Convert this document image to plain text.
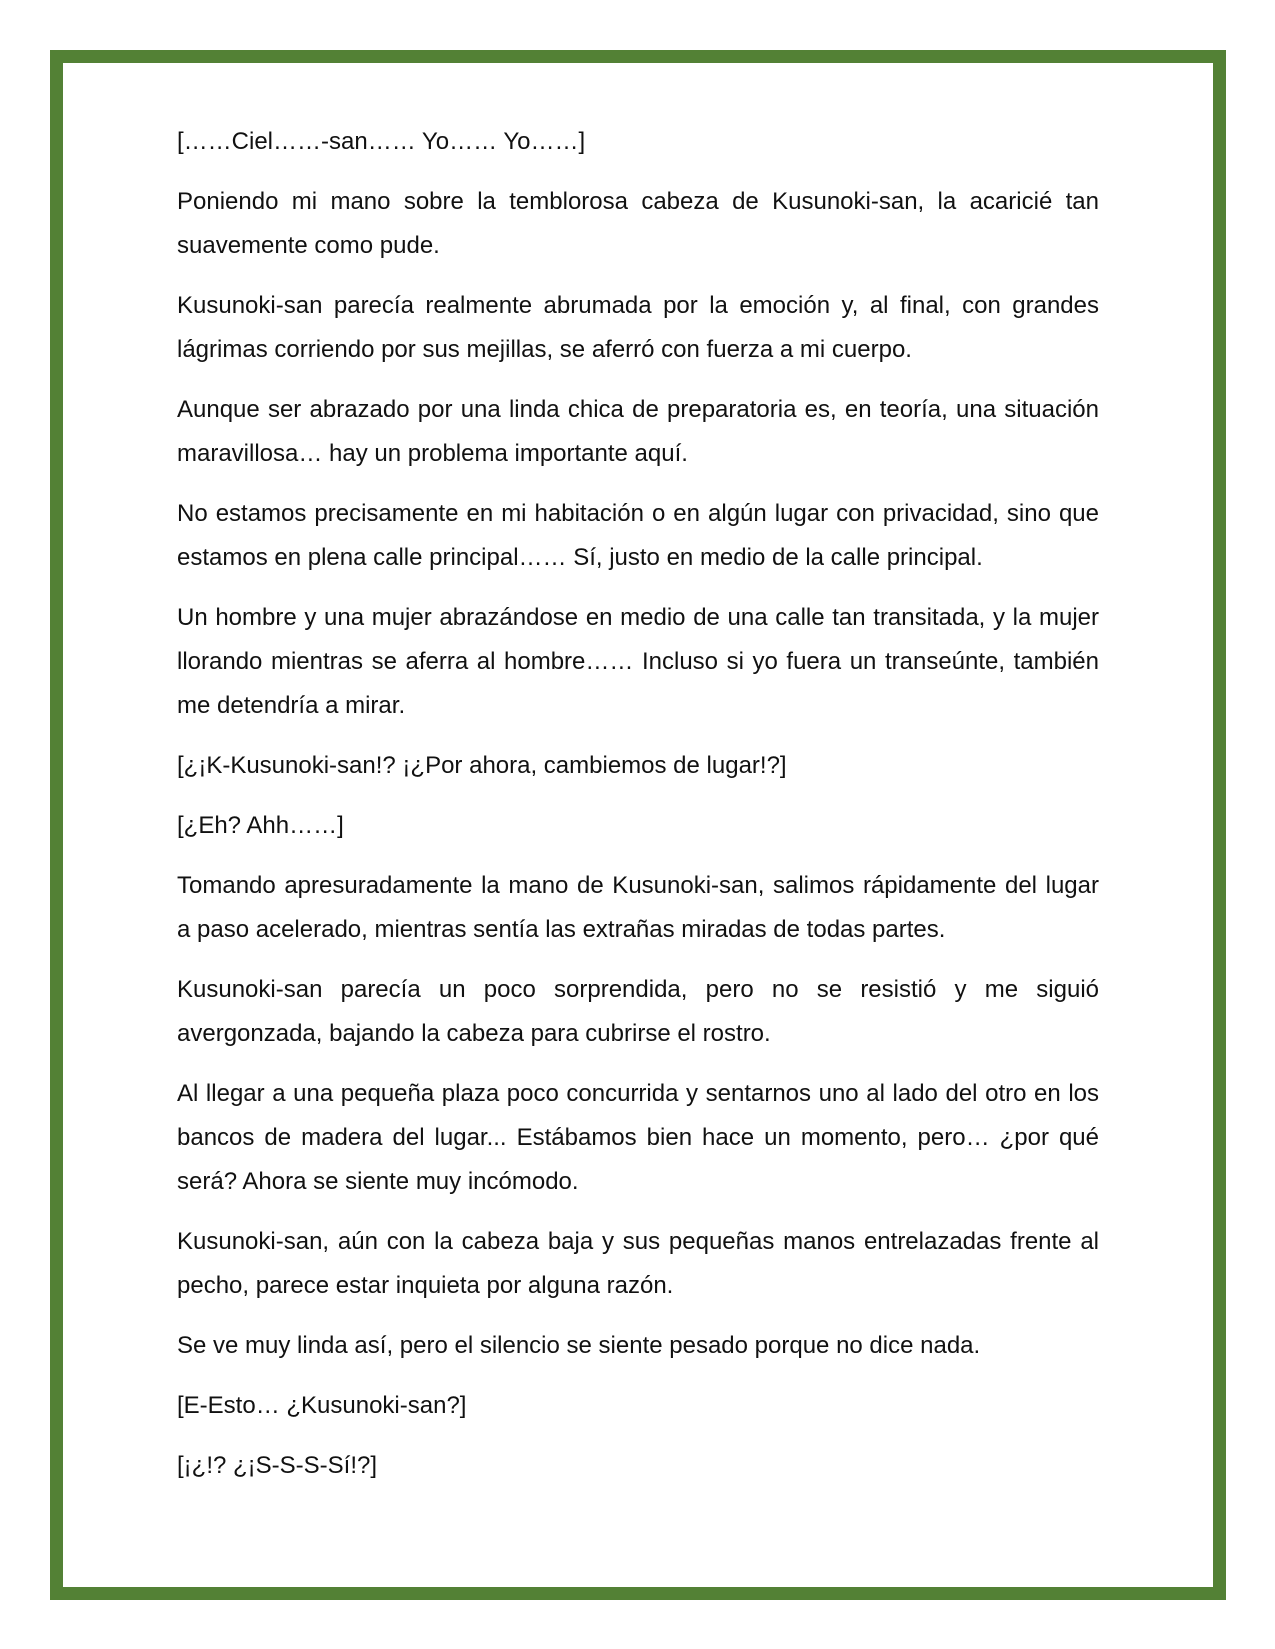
[……Ciel……-san…… Yo…… Yo……]

Poniendo mi mano sobre la temblorosa cabeza de Kusunoki-san, la acaricié tan suavemente como pude.

Kusunoki-san parecía realmente abrumada por la emoción y, al final, con grandes lágrimas corriendo por sus mejillas, se aferró con fuerza a mi cuerpo.

Aunque ser abrazado por una linda chica de preparatoria es, en teoría, una situación maravillosa… hay un problema importante aquí.

No estamos precisamente en mi habitación o en algún lugar con privacidad, sino que estamos en plena calle principal…… Sí, justo en medio de la calle principal.

Un hombre y una mujer abrazándose en medio de una calle tan transitada, y la mujer llorando mientras se aferra al hombre…… Incluso si yo fuera un transeúnte, también me detendría a mirar.

[¿¡K-Kusunoki-san!? ¡¿Por ahora, cambiemos de lugar!?]

[¿Eh? Ahh……]

Tomando apresuradamente la mano de Kusunoki-san, salimos rápidamente del lugar a paso acelerado, mientras sentía las extrañas miradas de todas partes.

Kusunoki-san parecía un poco sorprendida, pero no se resistió y me siguió avergonzada, bajando la cabeza para cubrirse el rostro.

Al llegar a una pequeña plaza poco concurrida y sentarnos uno al lado del otro en los bancos de madera del lugar... Estábamos bien hace un momento, pero… ¿por qué será? Ahora se siente muy incómodo.

Kusunoki-san, aún con la cabeza baja y sus pequeñas manos entrelazadas frente al pecho, parece estar inquieta por alguna razón.

Se ve muy linda así, pero el silencio se siente pesado porque no dice nada.

[E-Esto… ¿Kusunoki-san?]

[¡¿!? ¿¡S-S-S-Sí!?]
